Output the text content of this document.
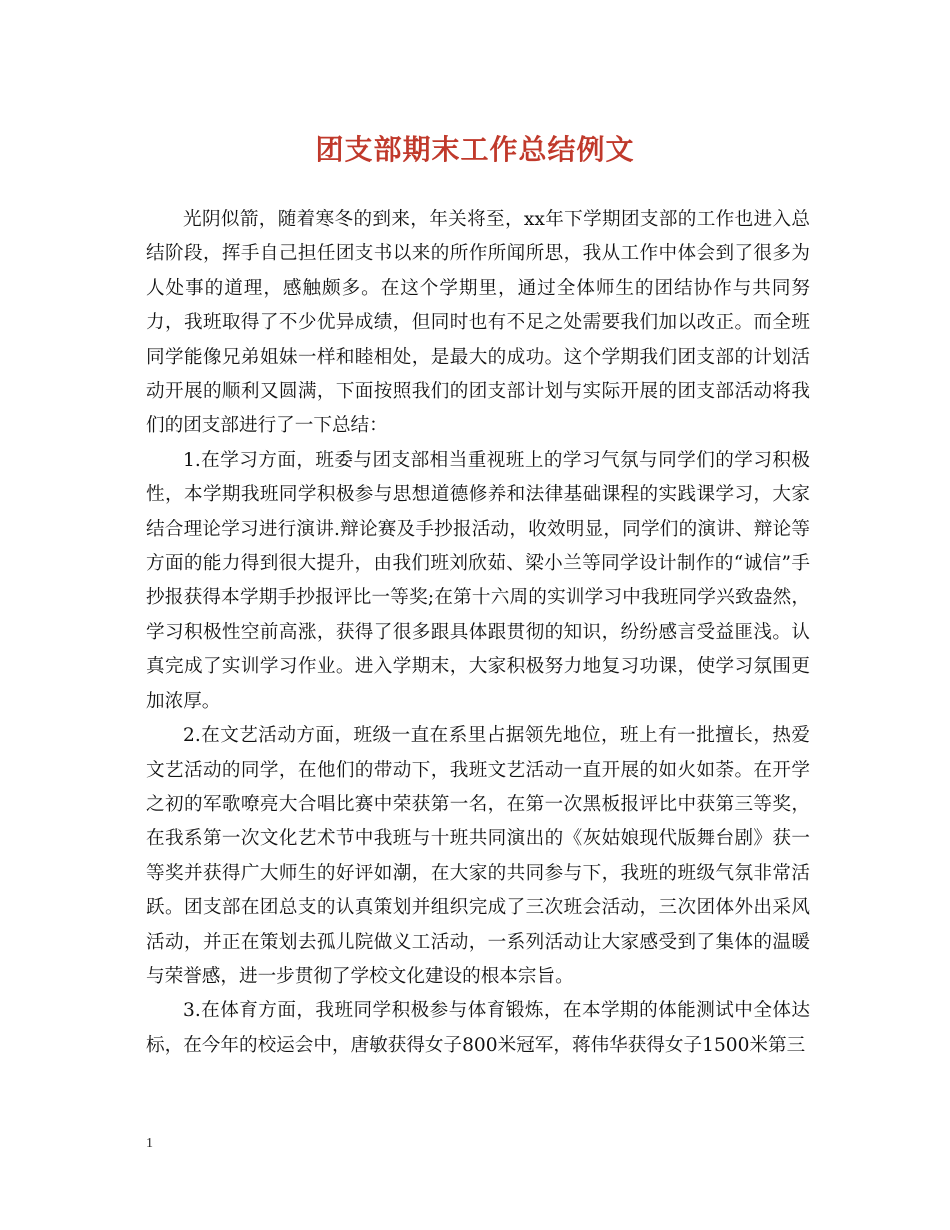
团支部期末工作总结例文

光阴似箭，随着寒冬的到来，年关将至，xx年下学期团支部的工作也进入总结阶段，挥手自己担任团支书以来的所作所闻所思，我从工作中体会到了很多为人处事的道理，感触颇多。在这个学期里，通过全体师生的团结协作与共同努力，我班取得了不少优异成绩，但同时也有不足之处需要我们加以改正。而全班同学能像兄弟姐妹一样和睦相处，是最大的成功。这个学期我们团支部的计划活动开展的顺利又圆满，下面按照我们的团支部计划与实际开展的团支部活动将我们的团支部进行了一下总结：

1.在学习方面，班委与团支部相当重视班上的学习气氛与同学们的学习积极性，本学期我班同学积极参与思想道德修养和法律基础课程的实践课学习，大家结合理论学习进行演讲.辩论赛及手抄报活动，收效明显，同学们的演讲、辩论等方面的能力得到很大提升，由我们班刘欣茹、梁小兰等同学设计制作的“诚信”手抄报获得本学期手抄报评比一等奖;在第十六周的实训学习中我班同学兴致盎然，学习积极性空前高涨，获得了很多跟具体跟贯彻的知识，纷纷感言受益匪浅。认真完成了实训学习作业。进入学期末，大家积极努力地复习功课，使学习氛围更加浓厚。

2.在文艺活动方面，班级一直在系里占据领先地位，班上有一批擅长，热爱文艺活动的同学，在他们的带动下，我班文艺活动一直开展的如火如荼。在开学之初的军歌嘹亮大合唱比赛中荣获第一名，在第一次黑板报评比中获第三等奖，在我系第一次文化艺术节中我班与十班共同演出的《灰姑娘现代版舞台剧》获一等奖并获得广大师生的好评如潮，在大家的共同参与下，我班的班级气氛非常活跃。团支部在团总支的认真策划并组织完成了三次班会活动，三次团体外出采风活动，并正在策划去孤儿院做义工活动，一系列活动让大家感受到了集体的温暖与荣誉感，进一步贯彻了学校文化建设的根本宗旨。

3.在体育方面，我班同学积极参与体育锻炼，在本学期的体能测试中全体达标，在今年的校运会中，唐敏获得女子800米冠军，蒋伟华获得女子1500米第三

1
